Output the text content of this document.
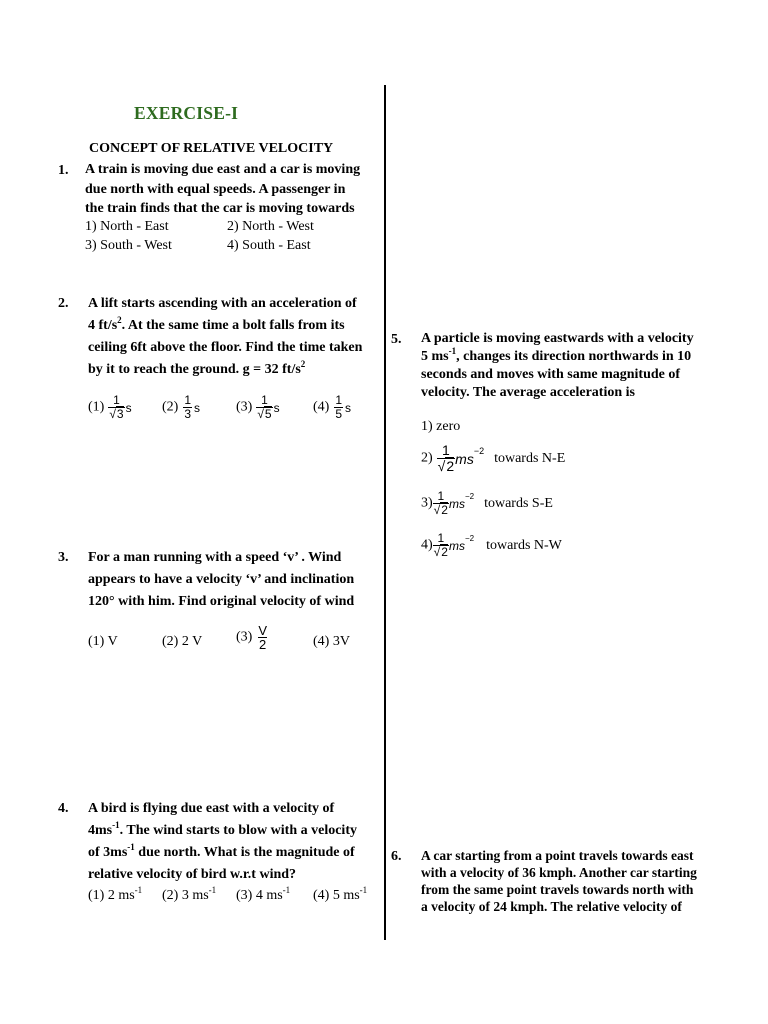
EXERCISE-I
CONCEPT OF RELATIVE VELOCITY
1. A train is moving due east and a car is moving
due north with equal speeds. A passenger in
the train finds that the car is moving towards
1) North - East	2) North - West
3) South - West	4) South - East
2. A lift starts ascending with an acceleration of
4 $ft/s^2$. At the same time a bolt falls from its
ceiling 6ft above the floor. Find the time taken
by it to reach the ground. g = 32 $ft/s^2$
$(1) \frac{1}{√3}$ s $(2) \frac{1}{3}$ s	$(3) \frac{1}{√5}$ s $(4) \frac{1}{5}$ s
3. For a man running with a speed ‘v’ . Wind
appears to have a velocity ‘v’ and inclination
120° with him. Find original velocity of wind
(1) V	(2) 2 V $(3) \frac{V}{2}$	(4) 3V
4. A bird is flying due east with a velocity of
$4ms^{-1}$. The wind starts to blow with a velocity
of $3ms^{-1}$ due north. What is the magnitude of
relative velocity of bird w.r.t wind?
(1) 2 $ms^{-1}$ (2) 3 $ms^{-1}$ (3) 4 $ms^{-1}$ (4) 5 $ms^{-1}$
5. A particle is moving eastwards with a velocity
5 $ms^{-1}$, changes its direction northwards in 10
seconds and moves with same magnitude of
velocity. The average acceleration is
1) zero
$2) \frac{1}{√2} ms^{-2}$ towards N-E
$3) \frac{1}{√2} ms^{-2}$ towards S-E
$4) \frac{1}{√2} ms^{-2}$ towards N-W
6. A car starting from a point travels towards east
with a velocity of 36 kmph. Another car starting
from the same point travels towards north with
a velocity of 24 kmph. The relative velocity of
